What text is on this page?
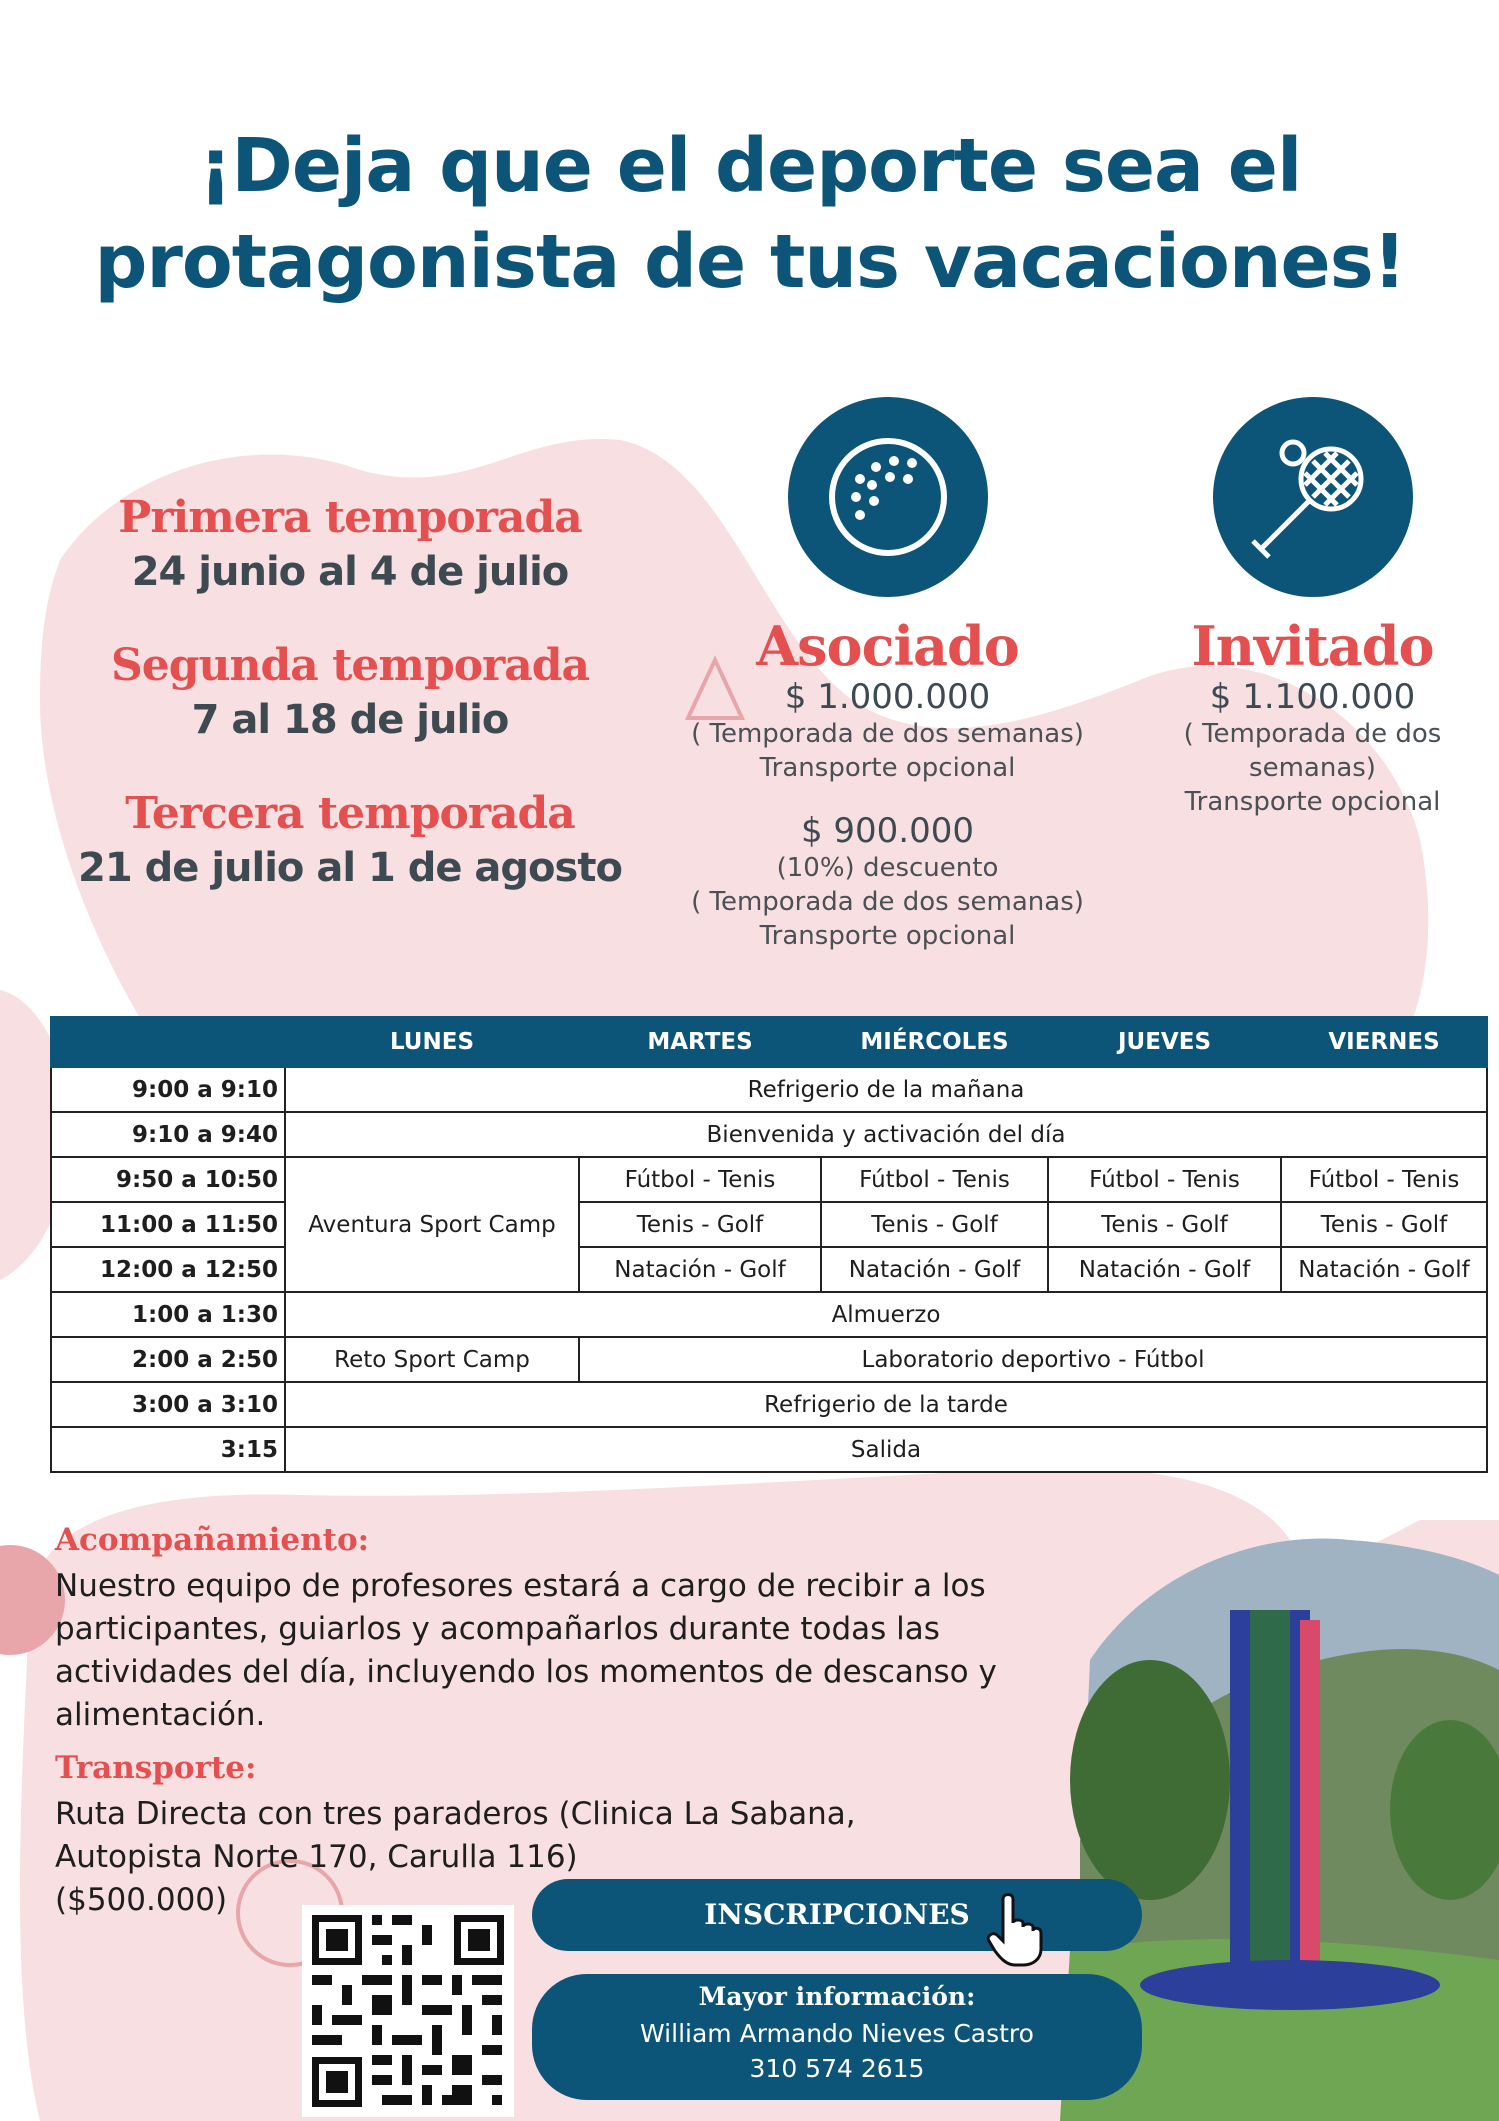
¡Deja que el deporte sea el
protagonista de tus vacaciones!
Primera temporada
24 junio al 4 de julio
Segunda temporada
7 al 18 de julio
Tercera temporada
21 de julio al 1 de agosto
Asociado
$ 1.000.000
( Temporada de dos semanas)
Transporte opcional
$ 900.000
(10%) descuento
( Temporada de dos semanas)
Transporte opcional
Invitado
$ 1.100.000
( Temporada de dos
semanas)
Transporte opcional
	LUNES	MARTES	MIÉRCOLES	JUEVES	VIERNES
9:00 a 9:10	Refrigerio de la mañana				
9:10 a 9:40	Bienvenida y activación del día				
9:50 a 10:50	Aventura Sport Camp	Fútbol - Tenis	Fútbol - Tenis	Fútbol - Tenis	Fútbol - Tenis
11:00 a 11:50		Tenis - Golf	Tenis - Golf	Tenis - Golf	Tenis - Golf
12:00 a 12:50		Natación - Golf	Natación - Golf	Natación - Golf	Natación - Golf
1:00 a 1:30	Almuerzo				
2:00 a 2:50	Reto Sport Camp	Laboratorio deportivo - Fútbol			
3:00 a 3:10	Refrigerio de la tarde				
3:15	Salida				
Acompañamiento:
Nuestro equipo de profesores estará a cargo de recibir a los
participantes, guiarlos y acompañarlos durante todas las
actividades del día, incluyendo los momentos de descanso y
alimentación.
Transporte:
Ruta Directa con tres paraderos (Clinica La Sabana,
Autopista Norte 170, Carulla 116)
($500.000)	INSCRIPCIONES
Mayor información:
William Armando Nieves Castro
310 574 2615
